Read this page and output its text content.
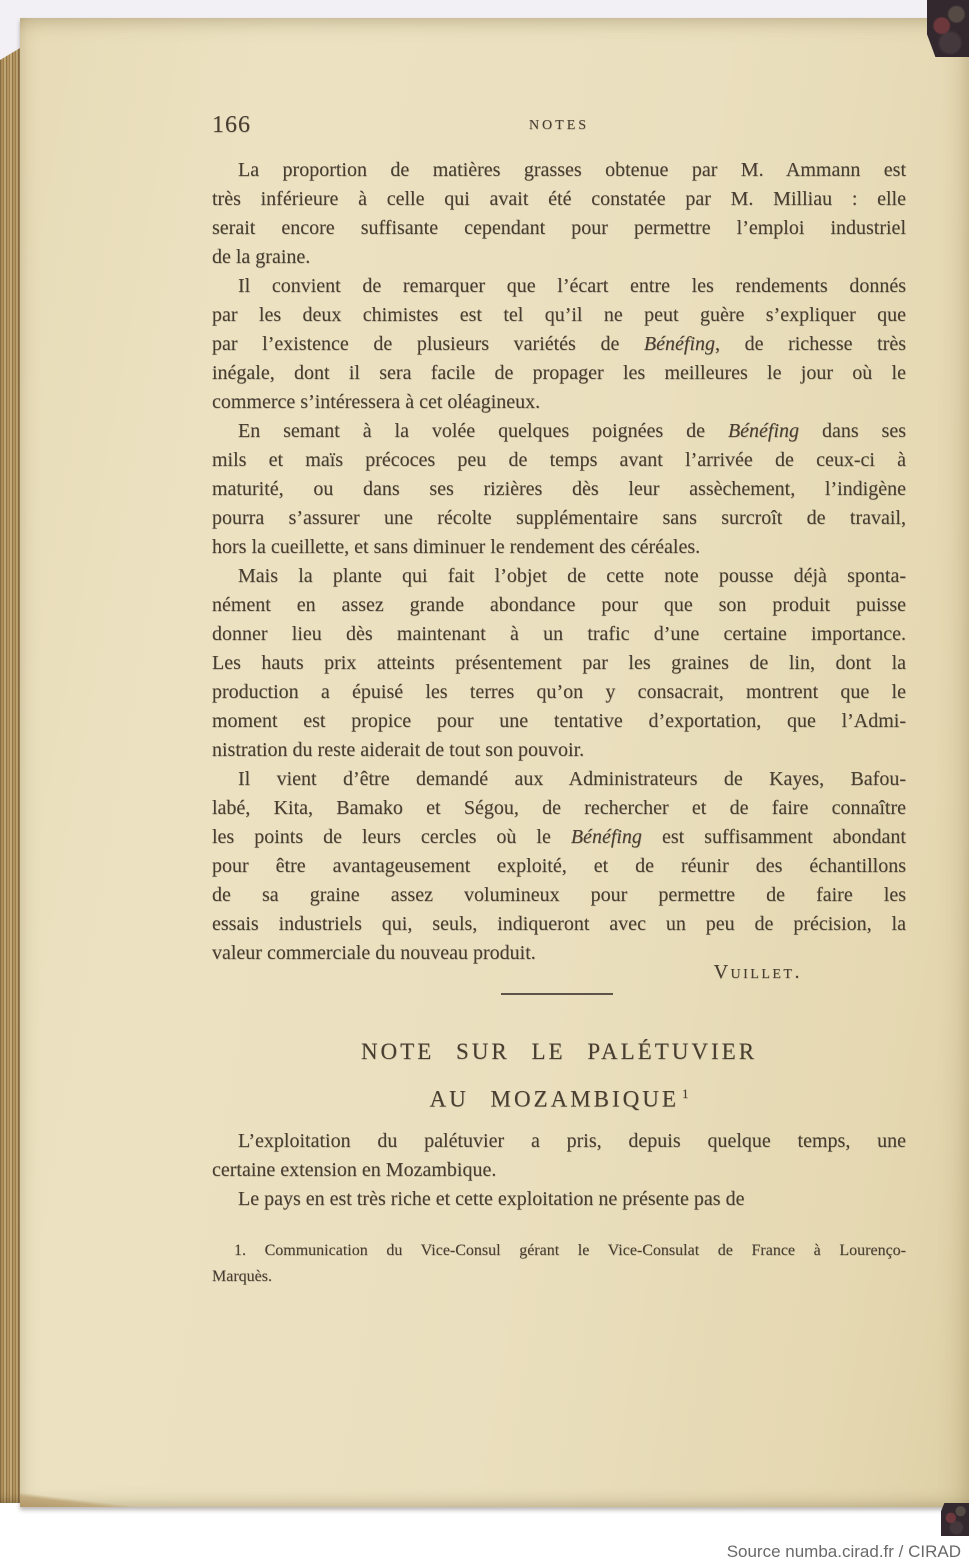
166	NOTES
La proportion de matières grasses obtenue par M. Ammann est
très inférieure à celle qui avait été constatée par M. Milliau : elle
serait encore suffisante cependant pour permettre l’emploi industriel
de la graine.
Il convient de remarquer que l’écart entre les rendements donnés
par les deux chimistes est tel qu’il ne peut guère s’expliquer que
par l’existence de plusieurs variétés de Bénéfing, de richesse très
inégale, dont il sera facile de propager les meilleures le jour où le
commerce s’intéressera à cet oléagineux.
En semant à la volée quelques poignées de Bénéfing dans ses
mils et maïs précoces peu de temps avant l’arrivée de ceux-ci à
maturité, ou dans ses rizières dès leur assèchement, l’indigène
pourra s’assurer une récolte supplémentaire sans surcroît de travail,
hors la cueillette, et sans diminuer le rendement des céréales.
Mais la plante qui fait l’objet de cette note pousse déjà sponta-
nément en assez grande abondance pour que son produit puisse
donner lieu dès maintenant à un trafic d’une certaine importance.
Les hauts prix atteints présentement par les graines de lin, dont la
production a épuisé les terres qu’on y consacrait, montrent que le
moment est propice pour une tentative d’exportation, que l’Admi-
nistration du reste aiderait de tout son pouvoir.
Il vient d’être demandé aux Administrateurs de Kayes, Bafou-
labé, Kita, Bamako et Ségou, de rechercher et de faire connaître
les points de leurs cercles où le Bénéfing est suffisamment abondant
pour être avantageusement exploité, et de réunir des échantillons
de sa graine assez volumineux pour permettre de faire les
essais industriels qui, seuls, indiqueront avec un peu de précision, la
valeur commerciale du nouveau produit.
Vuillet.
NOTE SUR LE PALÉTUVIER
AU MOZAMBIQUE $^1$
L’exploitation du palétuvier a pris, depuis quelque temps, une
certaine extension en Mozambique.
Le pays en est très riche et cette exploitation ne présente pas de
1. Communication du Vice-Consul gérant le Vice-Consulat de France à Lourenço-
Marquès.
Source numba.cirad.fr / CIRAD
